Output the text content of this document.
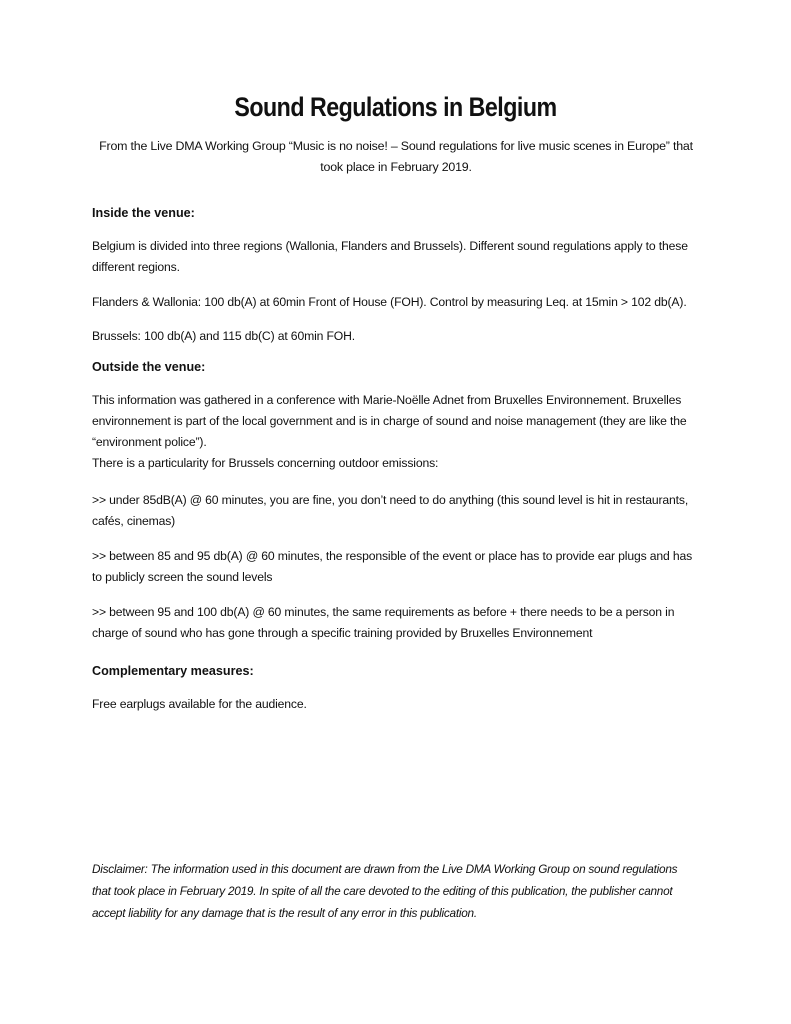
Sound Regulations in Belgium
From the Live DMA Working Group “Music is no noise! – Sound regulations for live music scenes in Europe” that took place in February 2019.
Inside the venue:

Belgium is divided into three regions (Wallonia, Flanders and Brussels). Different sound regulations apply to these different regions.

Flanders & Wallonia: 100 db(A) at 60min Front of House (FOH). Control by measuring Leq. at 15min > 102 db(A).

Brussels: 100 db(A) and 115 db(C) at 60min FOH.

Outside the venue:

This information was gathered in a conference with Marie-Noëlle Adnet from Bruxelles Environnement. Bruxelles environnement is part of the local government and is in charge of sound and noise management (they are like the “environment police”).

There is a particularity for Brussels concerning outdoor emissions:

>> under 85dB(A) @ 60 minutes, you are fine, you don’t need to do anything (this sound level is hit in restaurants, cafés, cinemas)

>> between 85 and 95 db(A) @ 60 minutes, the responsible of the event or place has to provide ear plugs and has to publicly screen the sound levels

>> between 95 and 100 db(A) @ 60 minutes, the same requirements as before + there needs to be a person in charge of sound who has gone through a specific training provided by Bruxelles Environnement

Complementary measures:

Free earplugs available for the audience.

Disclaimer: The information used in this document are drawn from the Live DMA Working Group on sound regulations that took place in February 2019. In spite of all the care devoted to the editing of this publication, the publisher cannot accept liability for any damage that is the result of any error in this publication.
